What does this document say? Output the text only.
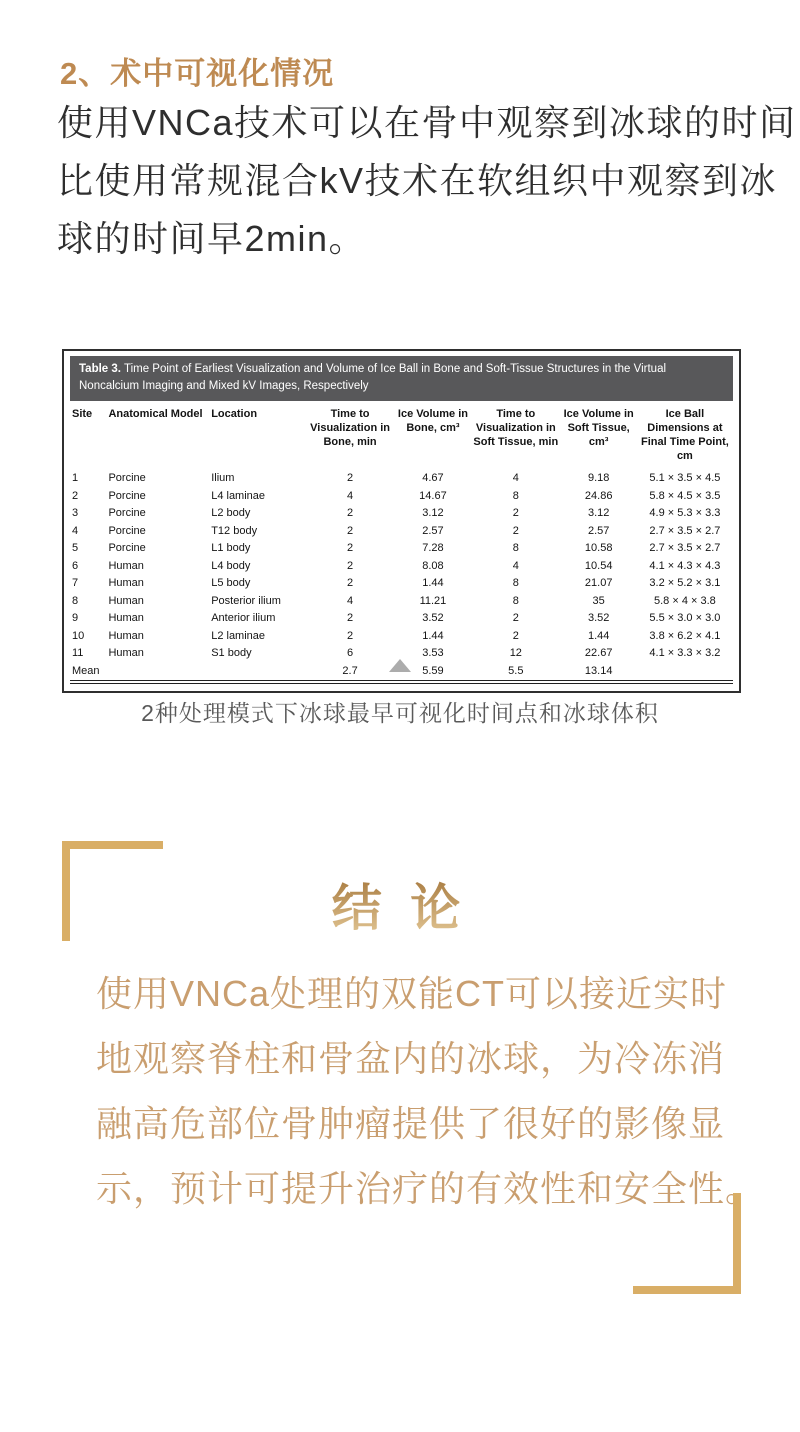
2、术中可视化情况
使用VNCa技术可以在骨中观察到冰球的时间
比使用常规混合kV技术在软组织中观察到冰
球的时间早2min。
Table 3. Time Point of Earliest Visualization and Volume of Ice Ball in Bone and Soft-Tissue Structures in the Virtual Noncalcium Imaging and Mixed kV Images, Respectively
Site	Anatomical Model	Location	Time to Visualization in Bone, min	Ice Volume in Bone, cm³	Time to Visualization in Soft Tissue, min	Ice Volume in Soft Tissue, cm³	Ice Ball Dimensions at Final Time Point, cm
1	Porcine	Ilium	2	4.67	4	9.18	5.1 × 3.5 × 4.5
2	Porcine	L4 laminae	4	14.67	8	24.86	5.8 × 4.5 × 3.5
3	Porcine	L2 body	2	3.12	2	3.12	4.9 × 5.3 × 3.3
4	Porcine	T12 body	2	2.57	2	2.57	2.7 × 3.5 × 2.7
5	Porcine	L1 body	2	7.28	8	10.58	2.7 × 3.5 × 2.7
6	Human	L4 body	2	8.08	4	10.54	4.1 × 4.3 × 4.3
7	Human	L5 body	2	1.44	8	21.07	3.2 × 5.2 × 3.1
8	Human	Posterior ilium	4	11.21	8	35	5.8 × 4 × 3.8
9	Human	Anterior ilium	2	3.52	2	3.52	5.5 × 3.0 × 3.0
10	Human	L2 laminae	2	1.44	2	1.44	3.8 × 6.2 × 4.1
11	Human	S1 body	6	3.53	12	22.67	4.1 × 3.3 × 3.2
Mean			2.7	5.59	5.5	13.14	
2种处理模式下冰球最早可视化时间点和冰球体积
结 论
使用VNCa处理的双能CT可以接近实时
地观察脊柱和骨盆内的冰球，为冷冻消
融高危部位骨肿瘤提供了很好的影像显
示，预计可提升治疗的有效性和安全性。
